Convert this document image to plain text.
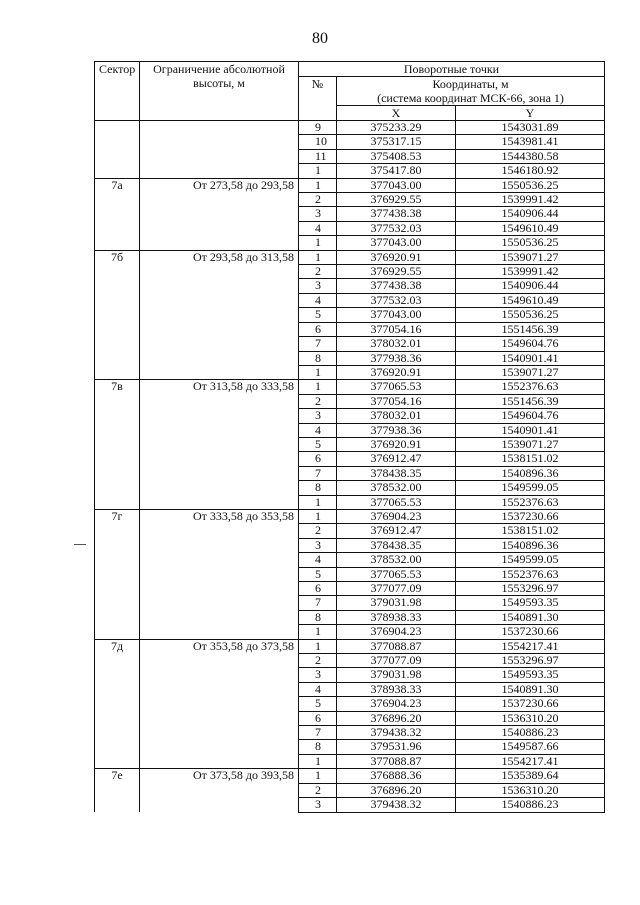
80
Сектор	Ограничение абсолютной высоты, м	Поворотные точки		
		№	Координаты, м
(система координат МСК-66, зона 1)	

			X	Y
		9	375233.29	1543031.89
		10	375317.15	1543981.41
		11	375408.53	1544380.58
		1	375417.80	1546180.92
7а	От 273,58 до 293,58	1	377043.00	1550536.25
		2	376929.55	1539991.42
		3	377438.38	1540906.44
		4	377532.03	1549610.49
		1	377043.00	1550536.25
7б	От 293,58 до 313,58	1	376920.91	1539071.27
		2	376929.55	1539991.42
		3	377438.38	1540906.44
		4	377532.03	1549610.49
		5	377043.00	1550536.25
		6	377054.16	1551456.39
		7	378032.01	1549604.76
		8	377938.36	1540901.41
		1	376920.91	1539071.27
7в	От 313,58 до 333,58	1	377065.53	1552376.63
		2	377054.16	1551456.39
		3	378032.01	1549604.76
		4	377938.36	1540901.41
		5	376920.91	1539071.27
		6	376912.47	1538151.02
		7	378438.35	1540896.36
		8	378532.00	1549599.05
		1	377065.53	1552376.63
7г	От 333,58 до 353,58	1	376904.23	1537230.66
		2	376912.47	1538151.02
		3	378438.35	1540896.36
		4	378532.00	1549599.05
		5	377065.53	1552376.63
		6	377077.09	1553296.97
		7	379031.98	1549593.35
		8	378938.33	1540891.30
		1	376904.23	1537230.66
7д	От 353,58 до 373,58	1	377088.87	1554217.41
		2	377077.09	1553296.97
		3	379031.98	1549593.35
		4	378938.33	1540891.30
		5	376904.23	1537230.66
		6	376896.20	1536310.20
		7	379438.32	1540886.23
		8	379531.96	1549587.66
		1	377088.87	1554217.41
7е	От 373,58 до 393,58	1	376888.36	1535389.64
		2	376896.20	1536310.20
		3	379438.32	1540886.23
